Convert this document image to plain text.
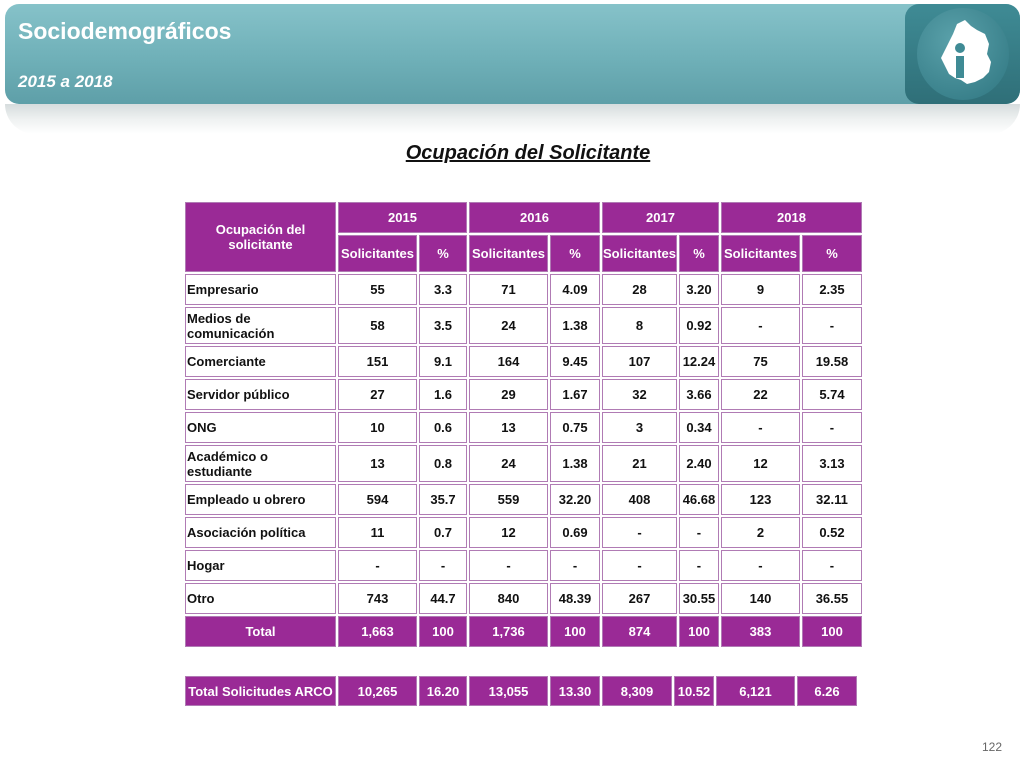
Sociodemográficos
2015 a 2018
Ocupación del Solicitante
Ocupación del solicitante	2015		2016		2017		2018	
	Solicitantes	%	Solicitantes	%	Solicitantes	%	Solicitantes	%
Empresario	55	3.3	71	4.09	28	3.20	9	2.35
Medios de comunicación	58	3.5	24	1.38	8	0.92	-	-
Comerciante	151	9.1	164	9.45	107	12.24	75	19.58
Servidor público	27	1.6	29	1.67	32	3.66	22	5.74
ONG	10	0.6	13	0.75	3	0.34	-	-
Académico o estudiante	13	0.8	24	1.38	21	2.40	12	3.13
Empleado u obrero	594	35.7	559	32.20	408	46.68	123	32.11
Asociación política	11	0.7	12	0.69	-	-	2	0.52
Hogar	-	-	-	-	-	-	-	-
Otro	743	44.7	840	48.39	267	30.55	140	36.55
Total	1,663	100	1,736	100	874	100	383	100
Total Solicitudes ARCO	10,265	16.20	13,055	13.30	8,309	10.52	6,121	6.26
122
